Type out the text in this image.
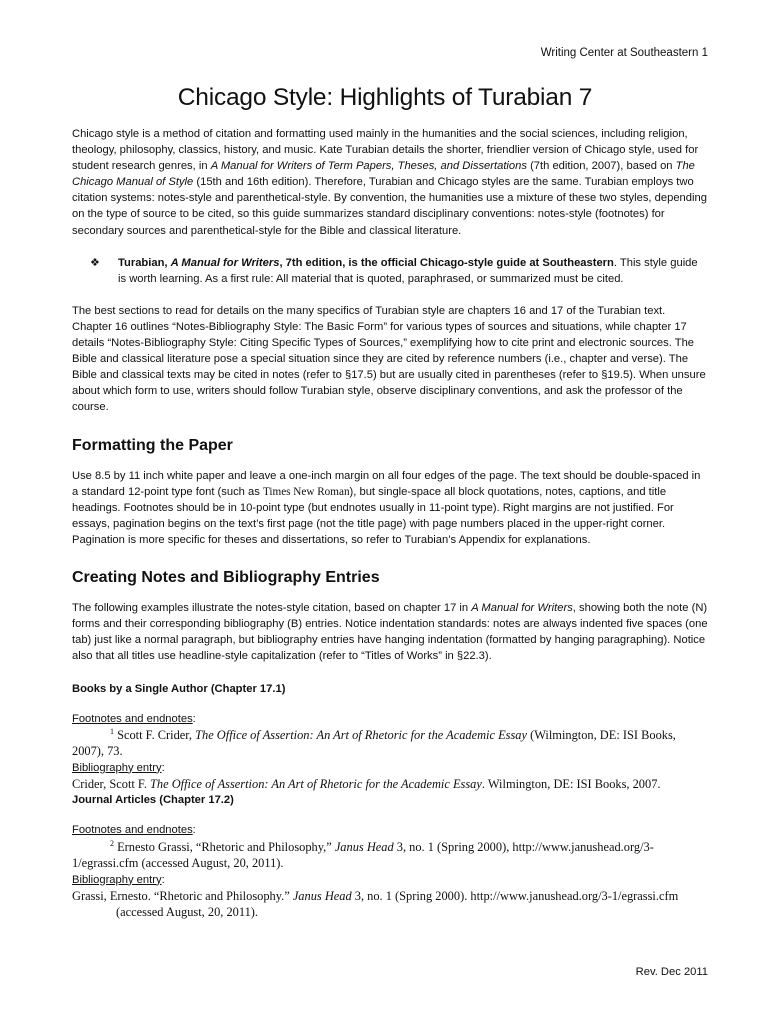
Writing Center at Southeastern 1
Chicago Style: Highlights of Turabian 7

Chicago style is a method of citation and formatting used mainly in the humanities and the social sciences, including religion, theology, philosophy, classics, history, and music. Kate Turabian details the shorter, friendlier version of Chicago style, used for student research genres, in A Manual for Writers of Term Papers, Theses, and Dissertations (7th edition, 2007), based on The Chicago Manual of Style (15th and 16th edition). Therefore, Turabian and Chicago styles are the same. Turabian employs two citation systems: notes-style and parenthetical-style. By convention, the humanities use a mixture of these two styles, depending on the type of source to be cited, so this guide summarizes standard disciplinary conventions: notes-style (footnotes) for secondary sources and parenthetical-style for the Bible and classical literature.

❖	Turabian, A Manual for Writers, 7th edition, is the official Chicago-style guide at Southeastern. This style guide is worth learning. As a first rule: All material that is quoted, paraphrased, or summarized must be cited.

The best sections to read for details on the many specifics of Turabian style are chapters 16 and 17 of the Turabian text. Chapter 16 outlines “Notes-Bibliography Style: The Basic Form” for various types of sources and situations, while chapter 17 details “Notes-Bibliography Style: Citing Specific Types of Sources,” exemplifying how to cite print and electronic sources. The Bible and classical literature pose a special situation since they are cited by reference numbers (i.e., chapter and verse). The Bible and classical texts may be cited in notes (refer to §17.5) but are usually cited in parentheses (refer to §19.5). When unsure about which form to use, writers should follow Turabian style, observe disciplinary conventions, and ask the professor of the course.

Formatting the Paper

Use 8.5 by 11 inch white paper and leave a one-inch margin on all four edges of the page. The text should be double-spaced in a standard 12-point type font (such as Times New Roman), but single-space all block quotations, notes, captions, and title headings. Footnotes should be in 10-point type (but endnotes usually in 11-point type). Right margins are not justified. For essays, pagination begins on the text’s first page (not the title page) with page numbers placed in the upper-right corner. Pagination is more specific for theses and dissertations, so refer to Turabian’s Appendix for explanations.

Creating Notes and Bibliography Entries

The following examples illustrate the notes-style citation, based on chapter 17 in A Manual for Writers, showing both the note (N) forms and their corresponding bibliography (B) entries. Notice indentation standards: notes are always indented five spaces (one tab) just like a normal paragraph, but bibliography entries have hanging indentation (formatted by hanging paragraphing). Notice also that all titles use headline-style capitalization (refer to “Titles of Works” in §22.3).

Books by a Single Author (Chapter 17.1)

Footnotes and endnotes:

$^1$ Scott F. Crider, The Office of Assertion: An Art of Rhetoric for the Academic Essay (Wilmington, DE: ISI Books, 2007), 73.

Bibliography entry:

Crider, Scott F. The Office of Assertion: An Art of Rhetoric for the Academic Essay. Wilmington, DE: ISI Books, 2007.

Journal Articles (Chapter 17.2)

Footnotes and endnotes:

$^2$ Ernesto Grassi, “Rhetoric and Philosophy,” Janus Head 3, no. 1 (Spring 2000), http://www.janushead.org/3-1/egrassi.cfm (accessed August, 20, 2011).

Bibliography entry:

Grassi, Ernesto. “Rhetoric and Philosophy.” Janus Head 3, no. 1 (Spring 2000). http://www.janushead.org/3-1/egrassi.cfm (accessed August, 20, 2011).

Rev. Dec 2011
